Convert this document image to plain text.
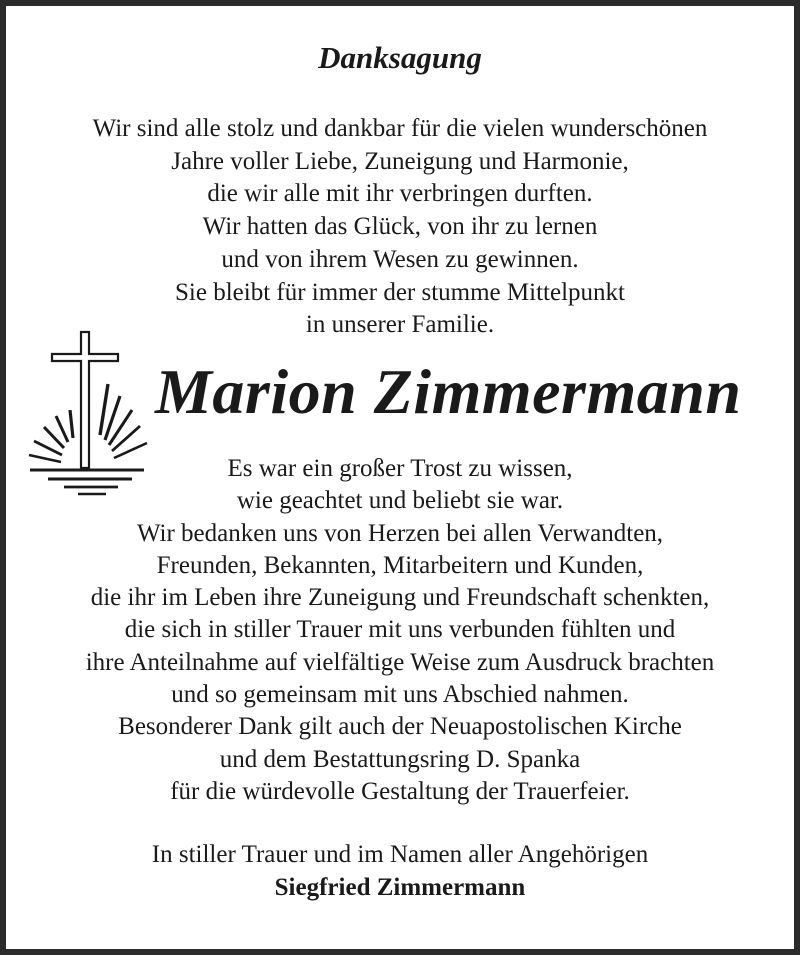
Danksagung
Wir sind alle stolz und dankbar für die vielen wunderschönen
Jahre voller Liebe, Zuneigung und Harmonie,
die wir alle mit ihr verbringen durften.
Wir hatten das Glück, von ihr zu lernen
und von ihrem Wesen zu gewinnen.
Sie bleibt für immer der stumme Mittelpunkt
in unserer Familie.
Marion Zimmermann
Es war ein großer Trost zu wissen,
wie geachtet und beliebt sie war.
Wir bedanken uns von Herzen bei allen Verwandten,
Freunden, Bekannten, Mitarbeitern und Kunden,
die ihr im Leben ihre Zuneigung und Freundschaft schenkten,
die sich in stiller Trauer mit uns verbunden fühlten und
ihre Anteilnahme auf vielfältige Weise zum Ausdruck brachten
und so gemeinsam mit uns Abschied nahmen.
Besonderer Dank gilt auch der Neuapostolischen Kirche
und dem Bestattungsring D. Spanka
für die würdevolle Gestaltung der Trauerfeier.
In stiller Trauer und im Namen aller Angehörigen
Siegfried Zimmermann
